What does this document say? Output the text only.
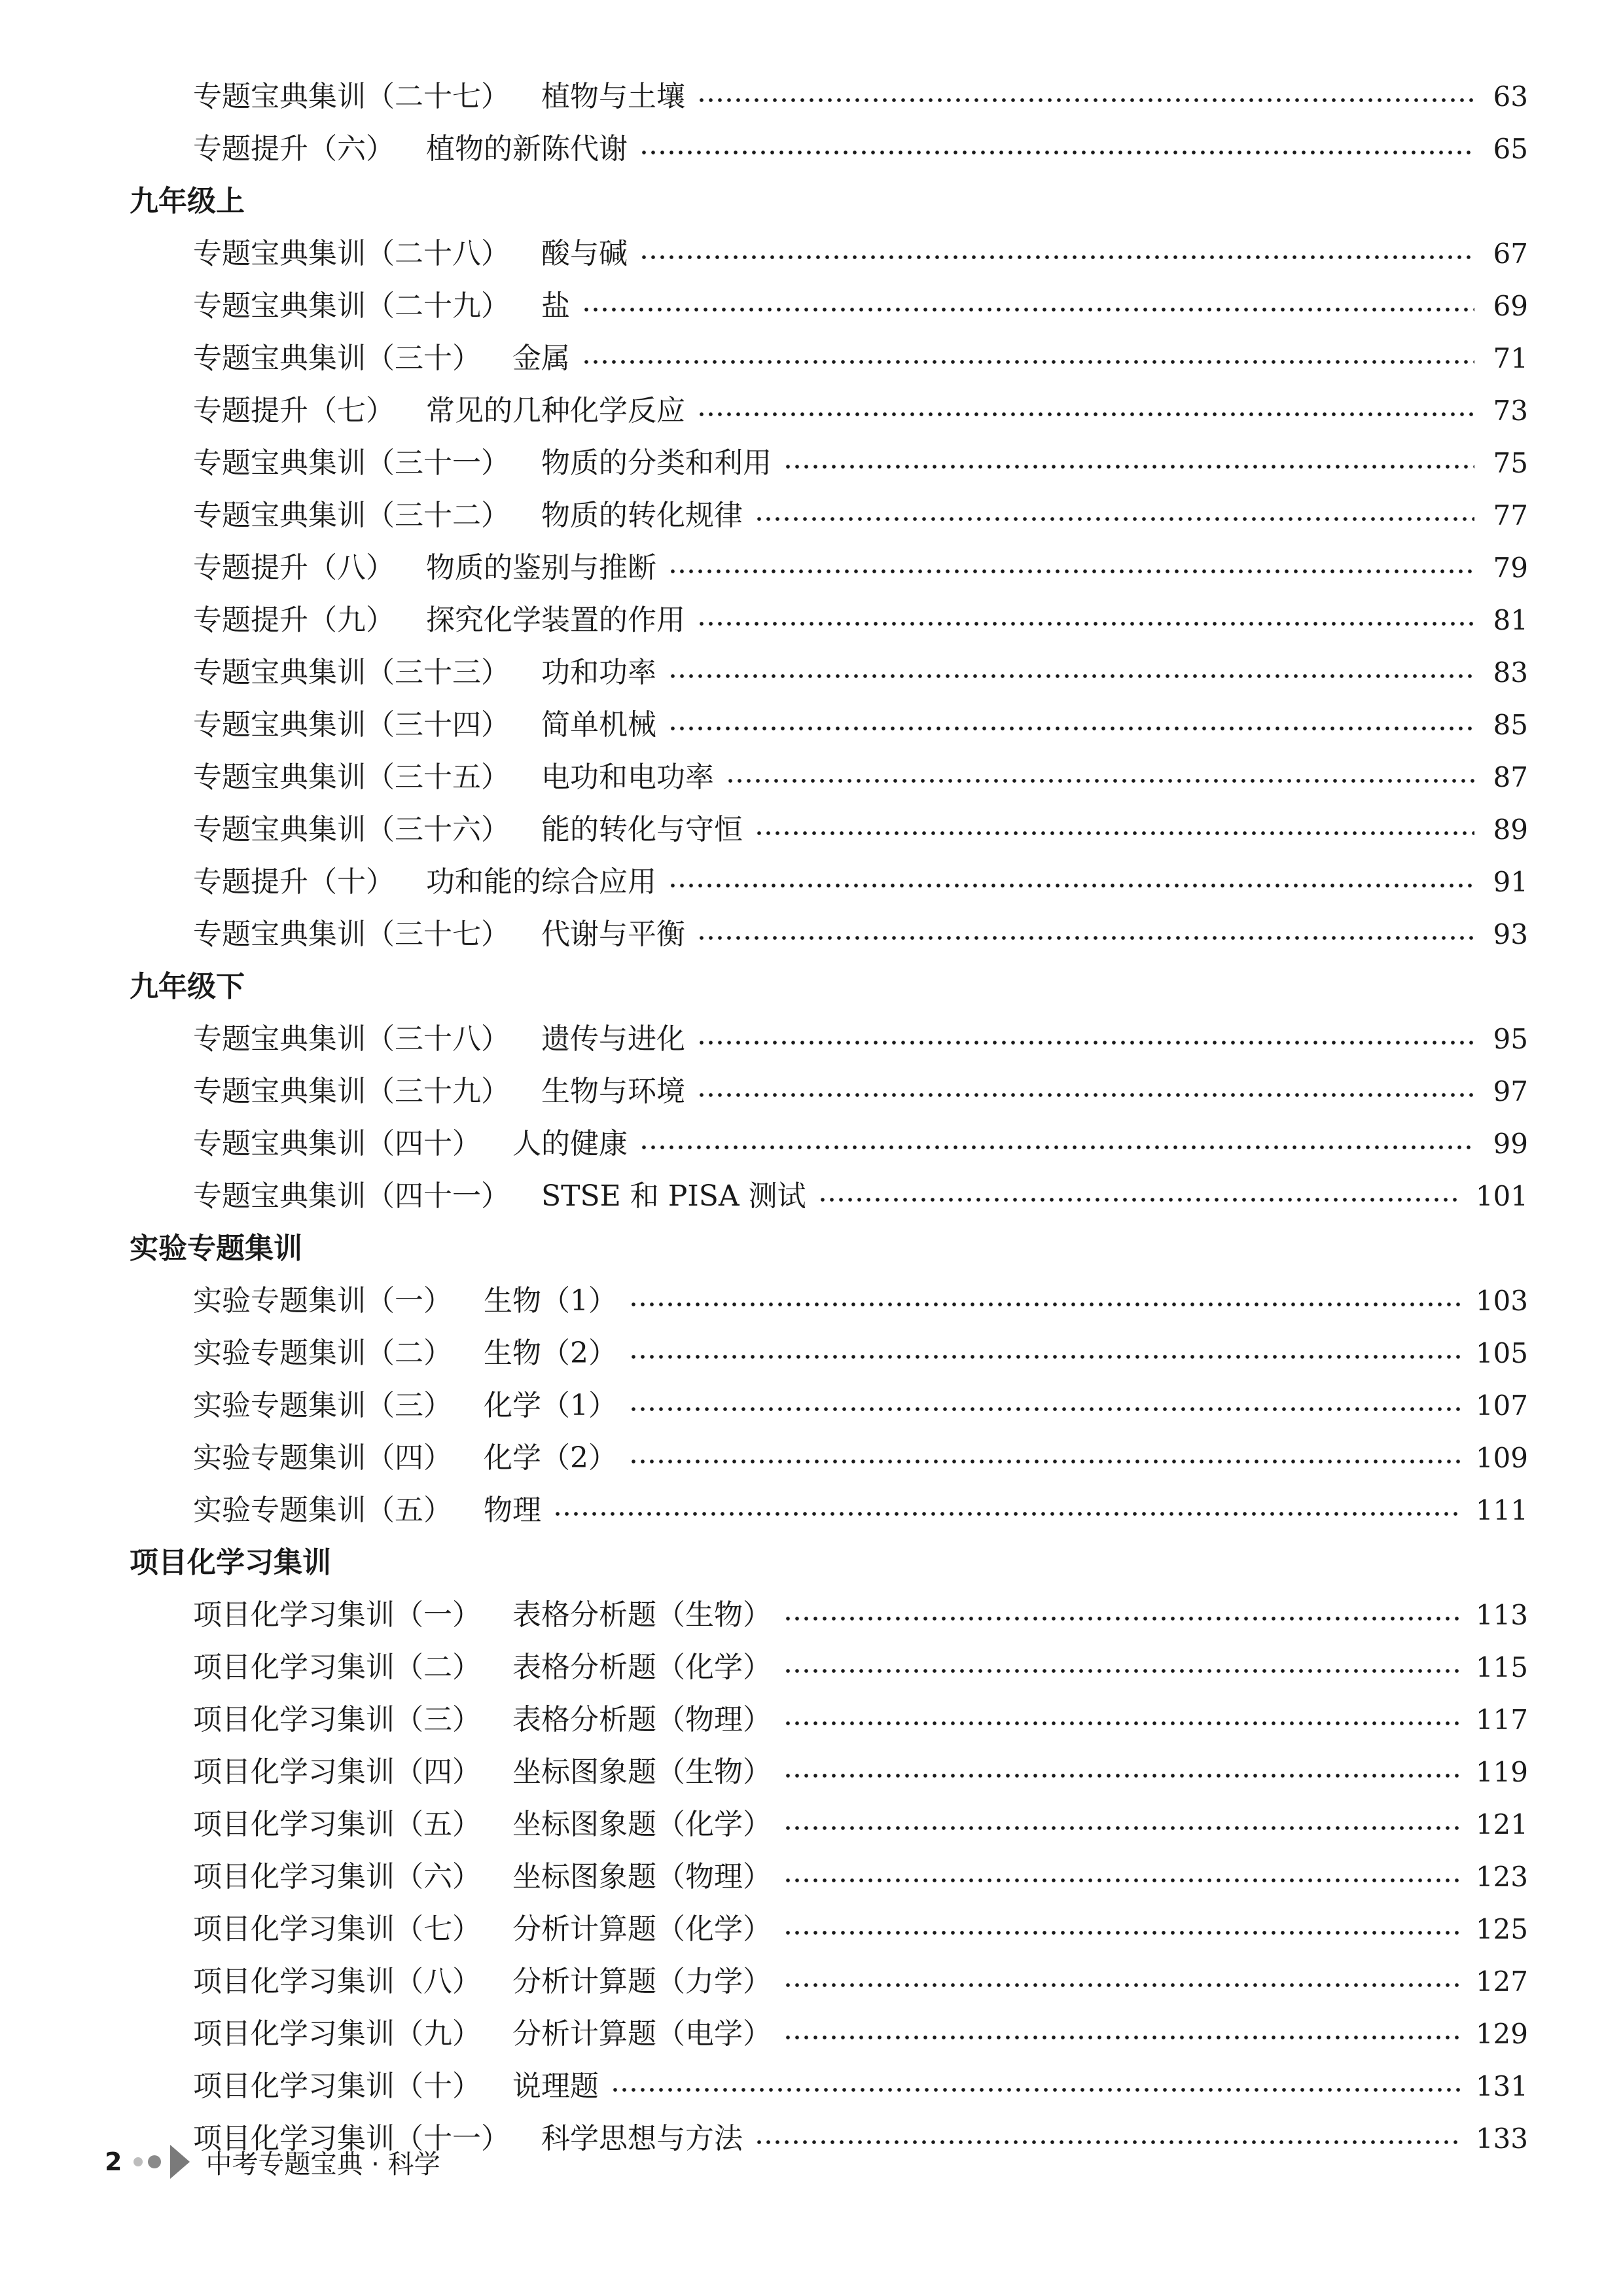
专题宝典集训（二十七） 植物与土壤	63
专题提升（六） 植物的新陈代谢	65
九年级上
专题宝典集训（二十八） 酸与碱	67
专题宝典集训（二十九） 盐	69
专题宝典集训（三十） 金属	71
专题提升（七） 常见的几种化学反应	73
专题宝典集训（三十一） 物质的分类和利用	75
专题宝典集训（三十二） 物质的转化规律	77
专题提升（八） 物质的鉴别与推断	79
专题提升（九） 探究化学装置的作用	81
专题宝典集训（三十三） 功和功率	83
专题宝典集训（三十四） 简单机械	85
专题宝典集训（三十五） 电功和电功率	87
专题宝典集训（三十六） 能的转化与守恒	89
专题提升（十） 功和能的综合应用	91
专题宝典集训（三十七） 代谢与平衡	93
九年级下
专题宝典集训（三十八） 遗传与进化	95
专题宝典集训（三十九） 生物与环境	97
专题宝典集训（四十） 人的健康	99
专题宝典集训（四十一） STSE 和 PISA 测试	101
实验专题集训
实验专题集训（一） 生物（1）	103
实验专题集训（二） 生物（2）	105
实验专题集训（三） 化学（1）	107
实验专题集训（四） 化学（2）	109
实验专题集训（五） 物理	111
项目化学习集训
项目化学习集训（一） 表格分析题（生物）	113
项目化学习集训（二） 表格分析题（化学）	115
项目化学习集训（三） 表格分析题（物理）	117
项目化学习集训（四） 坐标图象题（生物）	119
项目化学习集训（五） 坐标图象题（化学）	121
项目化学习集训（六） 坐标图象题（物理）	123
项目化学习集训（七） 分析计算题（化学）	125
项目化学习集训（八） 分析计算题（力学）	127
项目化学习集训（九） 分析计算题（电学）	129
项目化学习集训（十） 说理题	131
项目化学习集训（十一） 科学思想与方法	133
2	中考专题宝典 · 科学
